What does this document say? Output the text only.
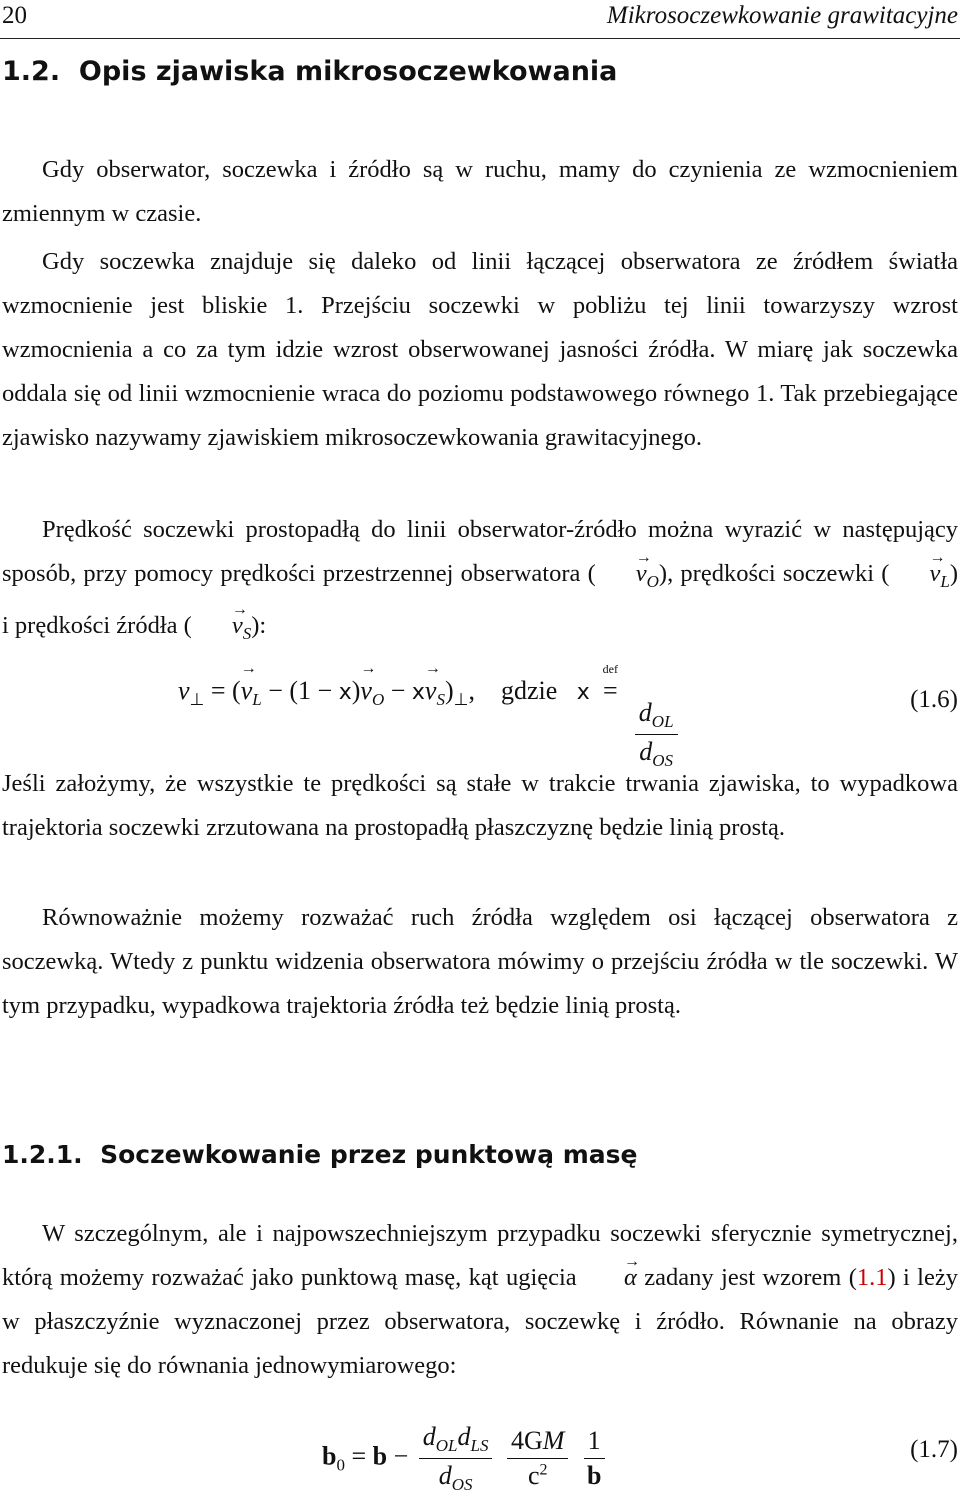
20	Mikrosoczewkowanie grawitacyjne
1.2. Opis zjawiska mikrosoczewkowania

Gdy obserwator, soczewka i źródło są w ruchu, mamy do czynienia ze wzmocnieniem zmiennym w czasie.

Gdy soczewka znajduje się daleko od linii łączącej obserwatora ze źródłem światła wzmocnienie jest bliskie 1. Przejściu soczewki w pobliżu tej linii towarzyszy wzrost wzmocnienia a co za tym idzie wzrost obserwowanej jasności źródła. W miarę jak soczewka oddala się od linii wzmocnienie wraca do poziomu podstawowego równego 1. Tak przebiegające zjawisko nazywamy zjawiskiem mikrosoczewkowania grawitacyjnego.

Prędkość soczewki prostopadłą do linii obserwator-źródło można wyrazić w następujący sposób, przy pomocy prędkości przestrzennej obserwatora ( → $v_O$), prędkości soczewki ( → $v_L$) i prędkości źródła ( → $v_S$):

$v_\perp$ = (→ $v_L - (1 - x)\to v_O - x\to v_S)_\perp$,    gdzie x
def
=
$\frac{d_{OL}}{d_{OS}}$	(1.6)

Jeśli założymy, że wszystkie te prędkości są stałe w trakcie trwania zjawiska, to wypadkowa trajektoria soczewki zrzutowana na prostopadłą płaszczyznę będzie linią prostą.

Równoważnie możemy rozważać ruch źródła względem osi łączącej obserwatora z soczewką. Wtedy z punktu widzenia obserwatora mówimy o przejściu źródła w tle soczewki. W tym przypadku, wypadkowa trajektoria źródła też będzie linią prostą.

1.2.1. Soczewkowanie przez punktową masę

W szczególnym, ale i najpowszechniejszym przypadku soczewki sferycznie symetrycznej, którą możemy rozważać jako punktową masę, kąt ugięcia → α zadany jest wzorem (1.1) i leży w płaszczyźnie wyznaczonej przez obserwatora, soczewkę i źródło. Równanie na obrazy redukuje się do równania jednowymiarowego:

$b_0 = b - \frac{d_{OL}d_{LS}}{d_{OS}}$
$\frac{4GM}{c^2}$
$\frac{1}{b}$	(1.7)
